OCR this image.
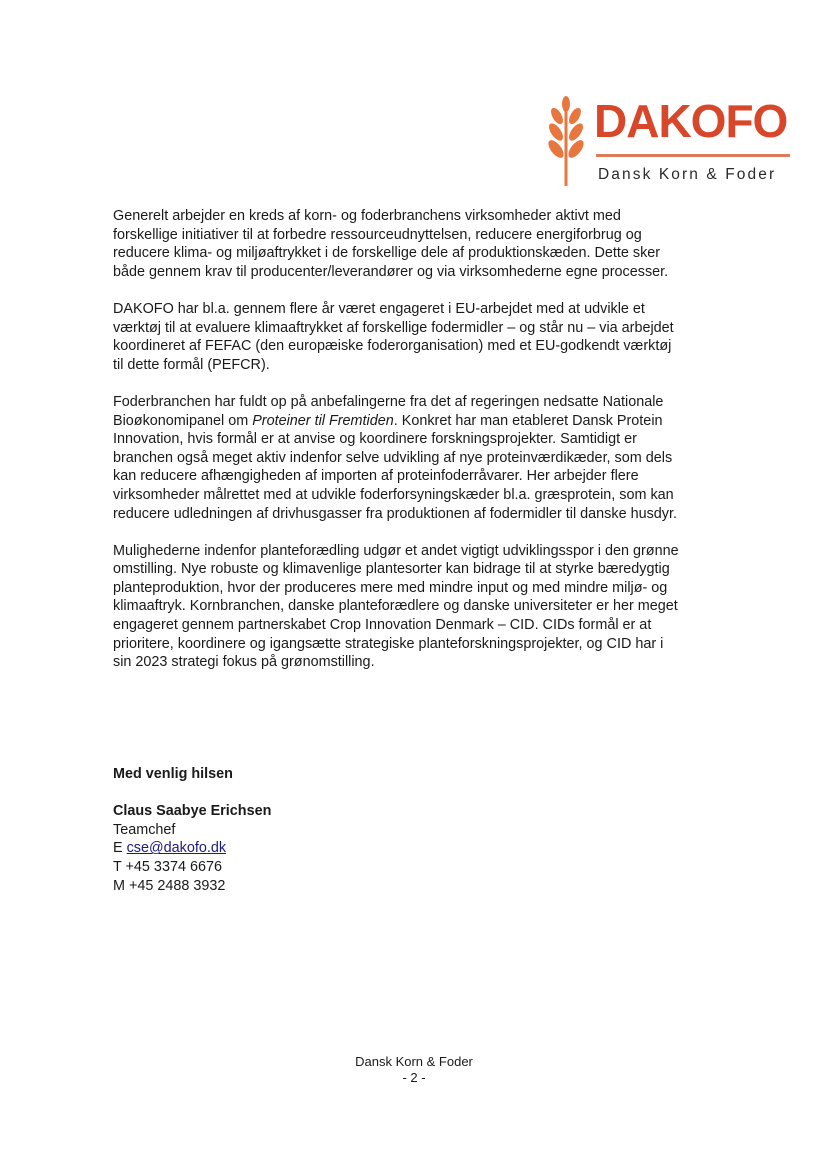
DAKOFO
Dansk Korn & Foder

Generelt arbejder en kreds af korn- og foderbranchens virksomheder aktivt med forskellige initiativer til at forbedre ressourceudnyttelsen, reducere energiforbrug og reducere klima- og miljøaftrykket i de forskellige dele af produktionskæden. Dette sker både gennem krav til producenter/leverandører og via virksomhederne egne processer.

DAKOFO har bl.a. gennem flere år været engageret i EU-arbejdet med at udvikle et værktøj til at evaluere klimaaftrykket af forskellige fodermidler – og står nu – via arbejdet koordineret af FEFAC (den europæiske foderorganisation) med et EU-godkendt værktøj til dette formål (PEFCR).

Foderbranchen har fuldt op på anbefalingerne fra det af regeringen nedsatte Nationale Bioøkonomipanel om Proteiner til Fremtiden. Konkret har man etableret Dansk Protein Innovation, hvis formål er at anvise og koordinere forskningsprojekter. Samtidigt er branchen også meget aktiv indenfor selve udvikling af nye proteinværdikæder, som dels kan reducere afhængigheden af importen af proteinfoderråvarer. Her arbejder flere virksomheder målrettet med at udvikle foderforsyningskæder bl.a. græsprotein, som kan reducere udledningen af drivhusgasser fra produktionen af fodermidler til danske husdyr.

Mulighederne indenfor planteforædling udgør et andet vigtigt udviklingsspor i den grønne omstilling. Nye robuste og klimavenlige plantesorter kan bidrage til at styrke bæredygtig planteproduktion, hvor der produceres mere med mindre input og med mindre miljø- og klimaaftryk. Kornbranchen, danske planteforædlere og danske universiteter er her meget engageret gennem partnerskabet Crop Innovation Denmark – CID. CIDs formål er at prioritere, koordinere og igangsætte strategiske planteforskningsprojekter, og CID har i sin 2023 strategi fokus på grønomstilling.

Med venlig hilsen
Claus Saabye Erichsen
Teamchef
E cse@dakofo.dk
T +45 3374 6676
M +45 2488 3932
Dansk Korn & Foder
- 2 -
